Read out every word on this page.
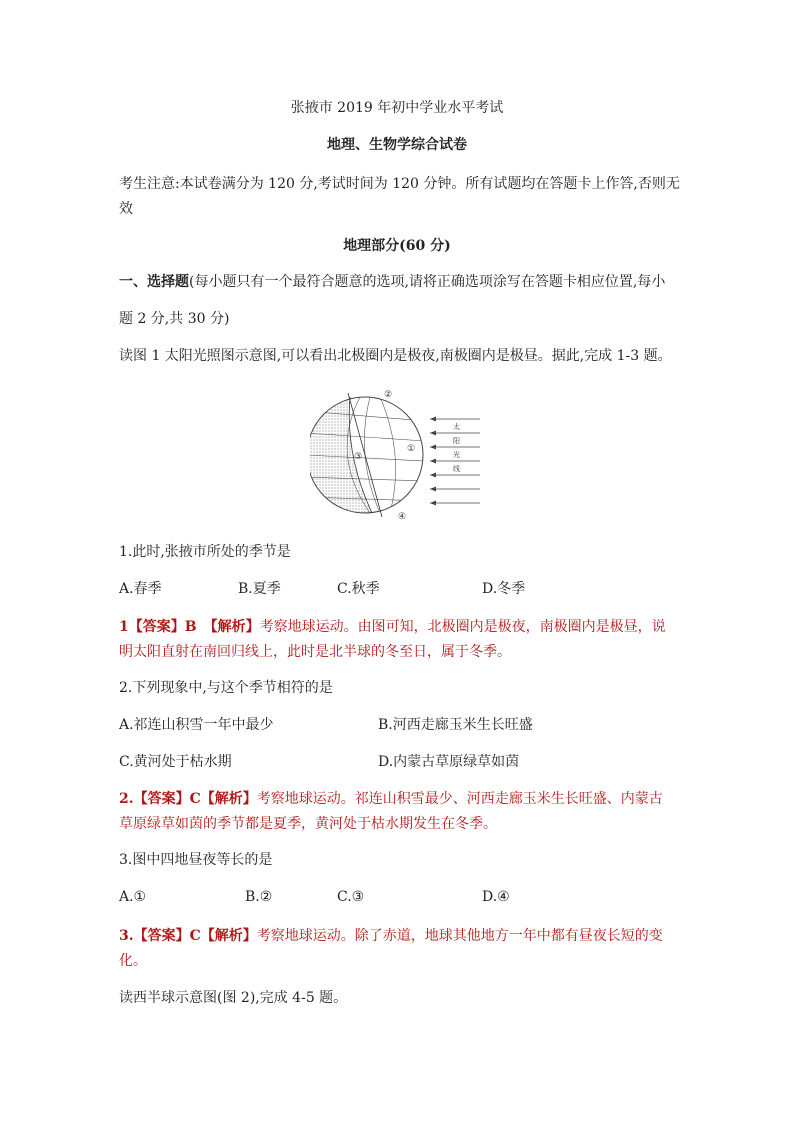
张掖市 2019 年初中学业水平考试
地理、生物学综合试卷
考生注意:本试卷满分为 120 分,考试时间为 120 分钟。所有试题均在答题卡上作答,否则无
效
地理部分(60 分)
一、选择题(每小题只有一个最符合题意的选项,请将正确选项涂写在答题卡相应位置,每小
题 2 分,共 30 分)
读图 1 太阳光照图示意图,可以看出北极圈内是极夜,南极圈内是极昼。据此,完成 1-3 题。
②
③
①
④
太
阳
光
线
1.此时,张掖市所处的季节是
A.春季	B.夏季	C.秋季	D.冬季
1【答案】B　【解析】考察地球运动。由图可知，北极圈内是极夜，南极圈内是极昼，说
明太阳直射在南回归线上，此时是北半球的冬至日，属于冬季。
2.下列现象中,与这个季节相符的是
A.祁连山积雪一年中最少	B.河西走廊玉米生长旺盛
C.黄河处于枯水期	D.内蒙古草原绿草如茵
2.【答案】C【解析】考察地球运动。祁连山积雪最少、河西走廊玉米生长旺盛、内蒙古
草原绿草如茵的季节都是夏季，黄河处于枯水期发生在冬季。
3.图中四地昼夜等长的是
A.①	B.②	C.③	D.④
3.【答案】C【解析】考察地球运动。除了赤道，地球其他地方一年中都有昼夜长短的变
化。
读西半球示意图(图 2),完成 4-5 题。
